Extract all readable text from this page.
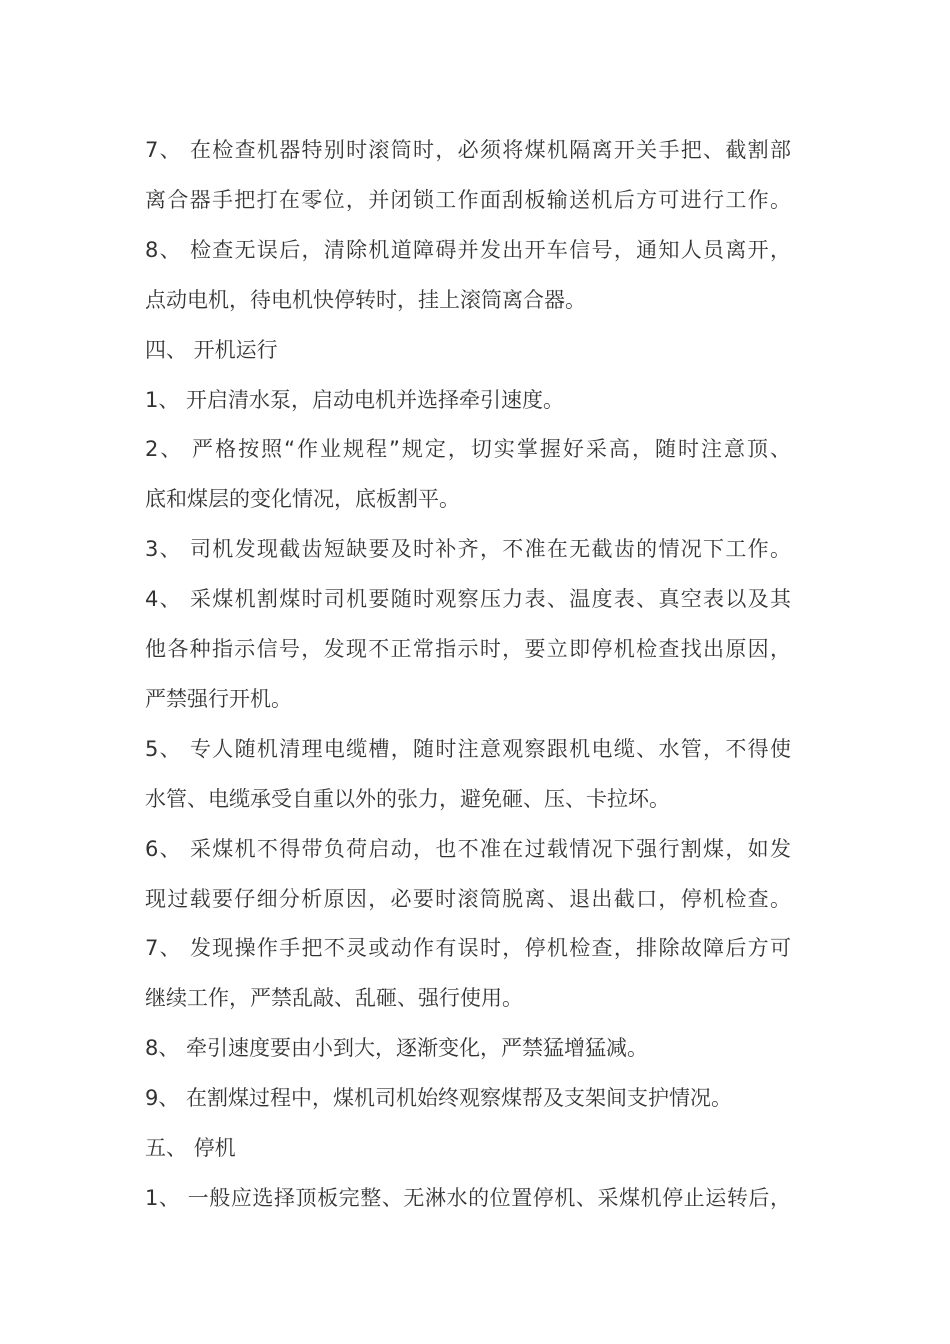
7、 在检查机器特别时滚筒时，必须将煤机隔离开关手把、截割部
离合器手把打在零位，并闭锁工作面刮板输送机后方可进行工作。
8、 检查无误后，清除机道障碍并发出开车信号，通知人员离开，
点动电机，待电机快停转时，挂上滚筒离合器。
四、 开机运行
1、 开启清水泵，启动电机并选择牵引速度。
2、 严格按照“作业规程”规定，切实掌握好采高，随时注意顶、
底和煤层的变化情况，底板割平。
3、 司机发现截齿短缺要及时补齐，不准在无截齿的情况下工作。
4、 采煤机割煤时司机要随时观察压力表、温度表、真空表以及其
他各种指示信号，发现不正常指示时，要立即停机检查找出原因，
严禁强行开机。
5、 专人随机清理电缆槽，随时注意观察跟机电缆、水管，不得使
水管、电缆承受自重以外的张力，避免砸、压、卡拉坏。
6、 采煤机不得带负荷启动，也不准在过载情况下强行割煤，如发
现过载要仔细分析原因，必要时滚筒脱离、退出截口，停机检查。
7、 发现操作手把不灵或动作有误时，停机检查，排除故障后方可
继续工作，严禁乱敲、乱砸、强行使用。
8、 牵引速度要由小到大，逐渐变化，严禁猛增猛减。
9、 在割煤过程中，煤机司机始终观察煤帮及支架间支护情况。
五、 停机
1、 一般应选择顶板完整、无淋水的位置停机、采煤机停止运转后，
